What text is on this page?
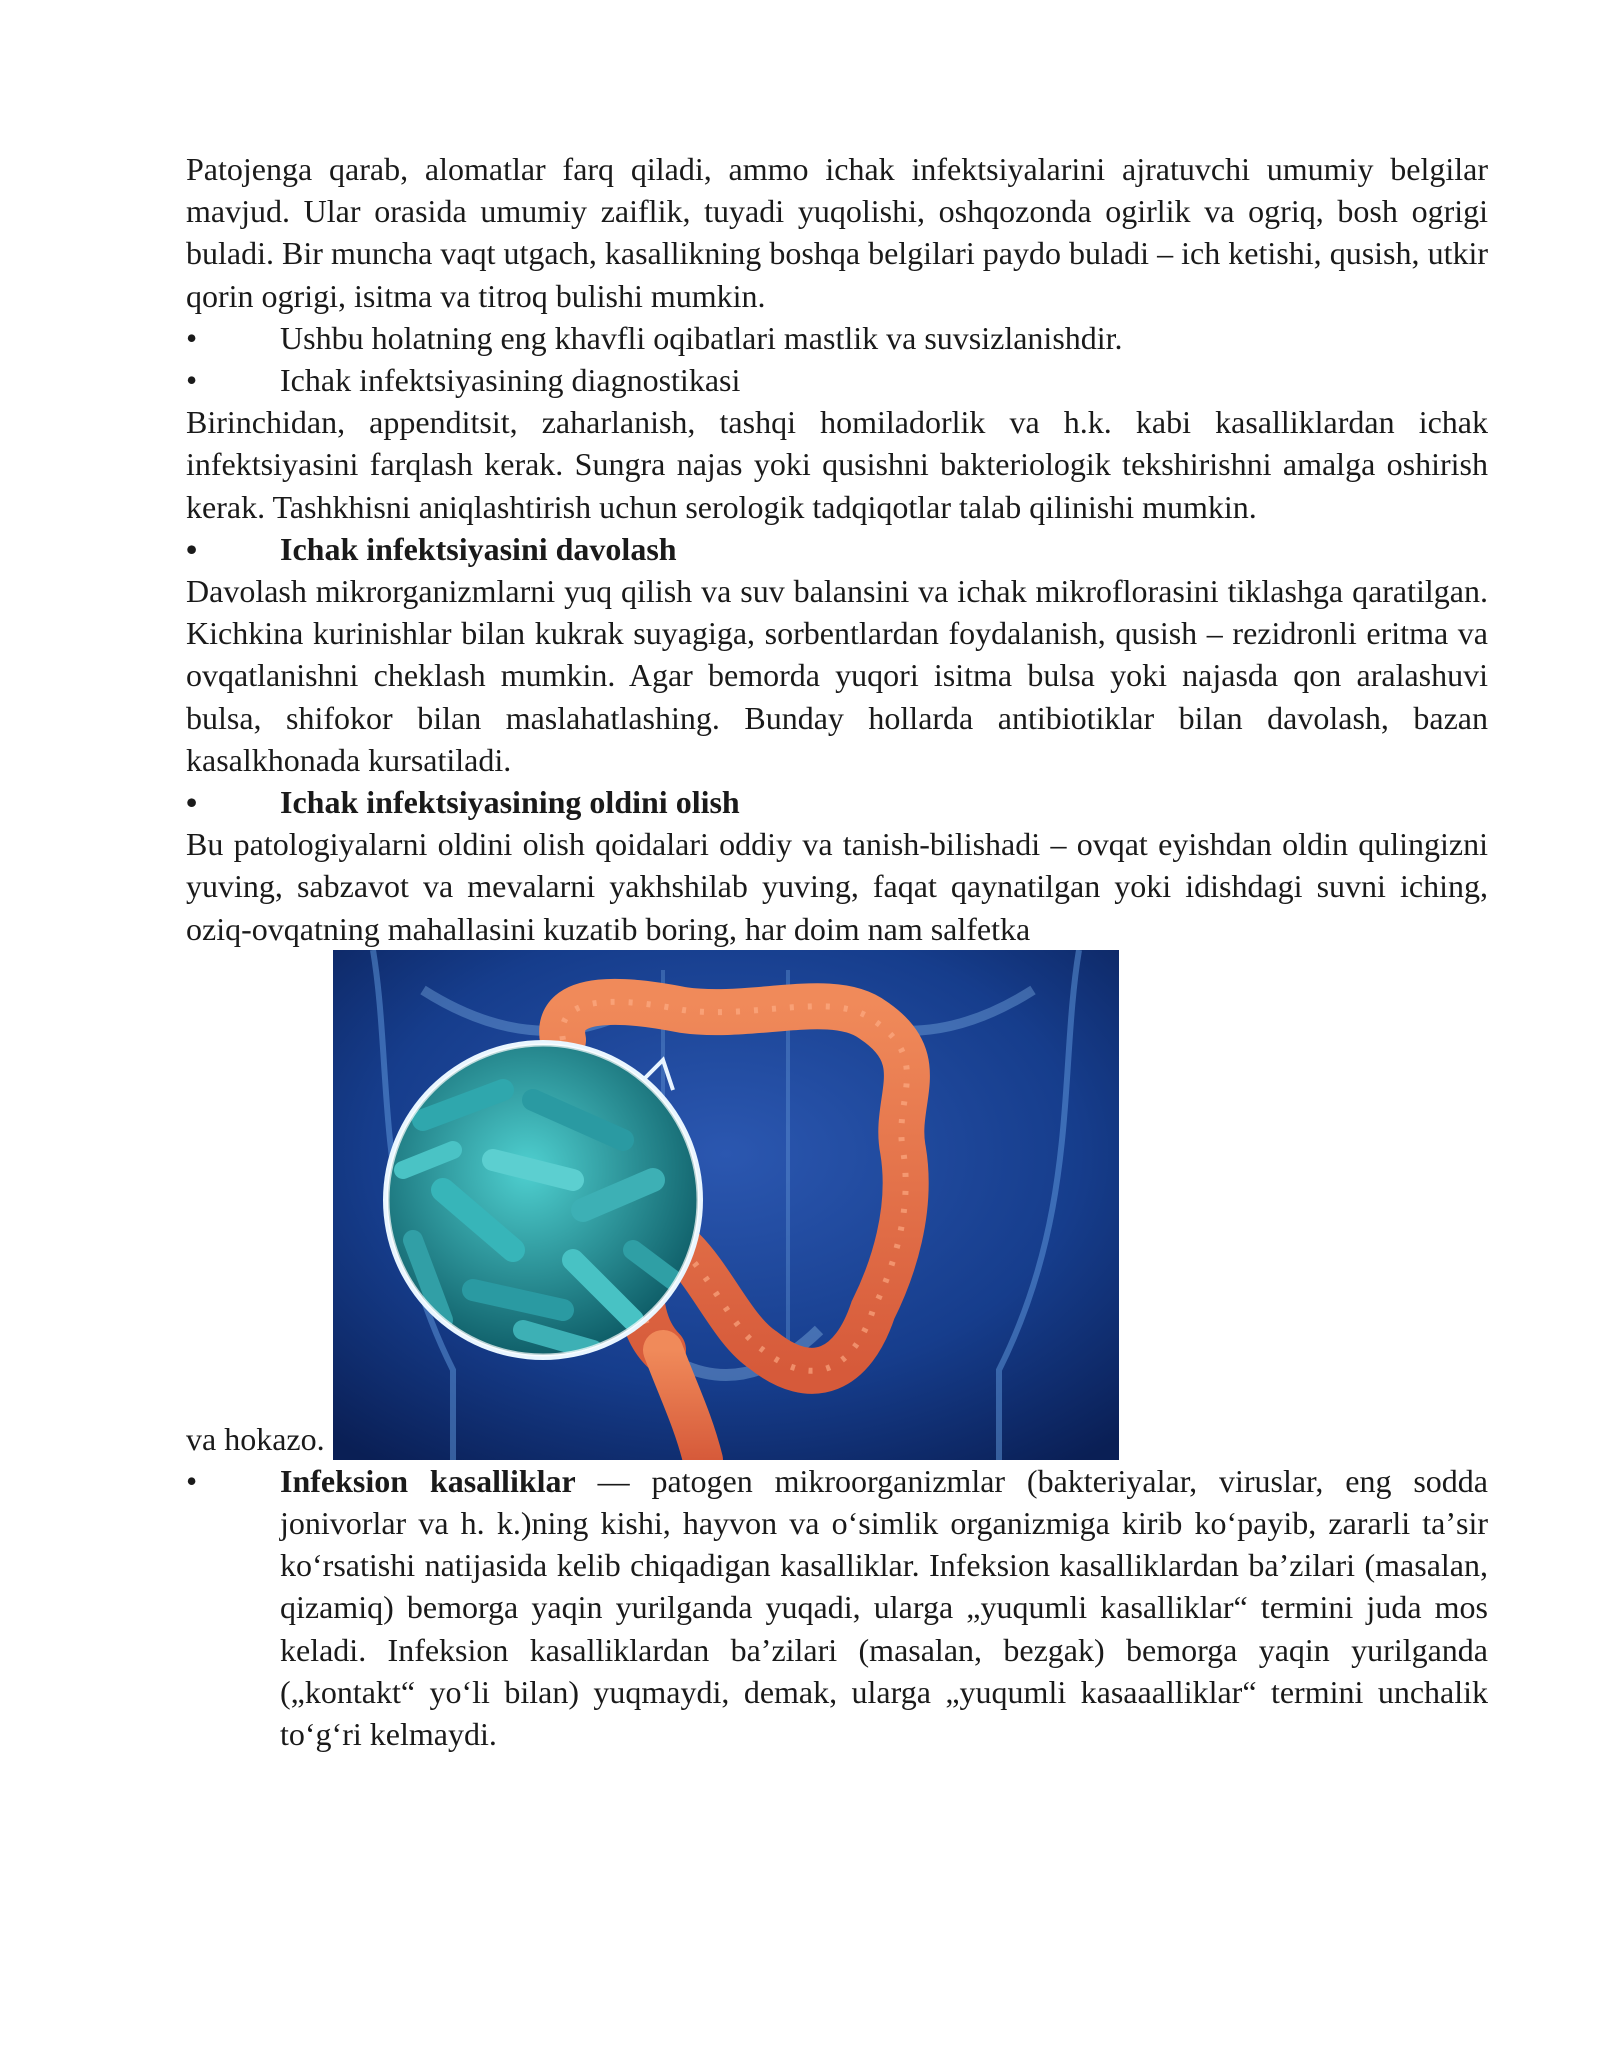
Patojenga qarab, alomatlar farq qiladi, ammo ichak infektsiyalarini ajratuvchi umumiy belgilar mavjud. Ular orasida umumiy zaiflik, tuyadi yuqolishi, oshqozonda ogirlik va ogriq, bosh ogrigi buladi. Bir muncha vaqt utgach, kasallikning boshqa belgilari paydo buladi – ich ketishi, qusish, utkir qorin ogrigi, isitma va titroq bulishi mumkin.

•	Ushbu holatning eng khavfli oqibatlari mastlik va suvsizlanishdir.
•	Ichak infektsiyasining diagnostikasi

Birinchidan, appenditsit, zaharlanish, tashqi homiladorlik va h.k. kabi kasalliklardan ichak infektsiyasini farqlash kerak. Sungra najas yoki qusishni bakteriologik tekshirishni amalga oshirish kerak. Tashkhisni aniqlashtirish uchun serologik tadqiqotlar talab qilinishi mumkin.

•	Ichak infektsiyasini davolash

Davolash mikrorganizmlarni yuq qilish va suv balansini va ichak mikroflorasini tiklashga qaratilgan. Kichkina kurinishlar bilan kukrak suyagiga, sorbentlardan foydalanish, qusish – rezidronli eritma va ovqatlanishni cheklash mumkin. Agar bemorda yuqori isitma bulsa yoki najasda qon aralashuvi bulsa, shifokor bilan maslahatlashing. Bunday hollarda antibiotiklar bilan davolash, bazan kasalkhonada kursatiladi.

•	Ichak infektsiyasining oldini olish

Bu patologiyalarni oldini olish qoidalari oddiy va tanish-bilishadi – ovqat eyishdan oldin qulingizni yuving, sabzavot va mevalarni yakhshilab yuving, faqat qaynatilgan yoki idishdagi suvni iching, oziq-ovqatning mahallasini kuzatib boring, har doim nam salfetka

va hokazo.
•	Infeksion kasalliklar — patogen mikroorganizmlar (bakteriyalar, viruslar, eng sodda jonivorlar va h. k.)ning kishi, hayvon va oʻsimlik organizmiga kirib koʻpayib, zararli taʼsir koʻrsatishi natijasida kelib chiqadigan kasalliklar. Infeksion kasalliklardan baʼzilari (masalan, qizamiq) bemorga yaqin yurilganda yuqadi, ularga „yuqumli kasalliklar“ termini juda mos keladi. Infeksion kasalliklardan baʼzilari (masalan, bezgak) bemorga yaqin yurilganda („kontakt“ yoʻli bilan) yuqmaydi, demak, ularga „yuqumli kasaaalliklar“ termini unchalik toʻgʻri kelmaydi.
